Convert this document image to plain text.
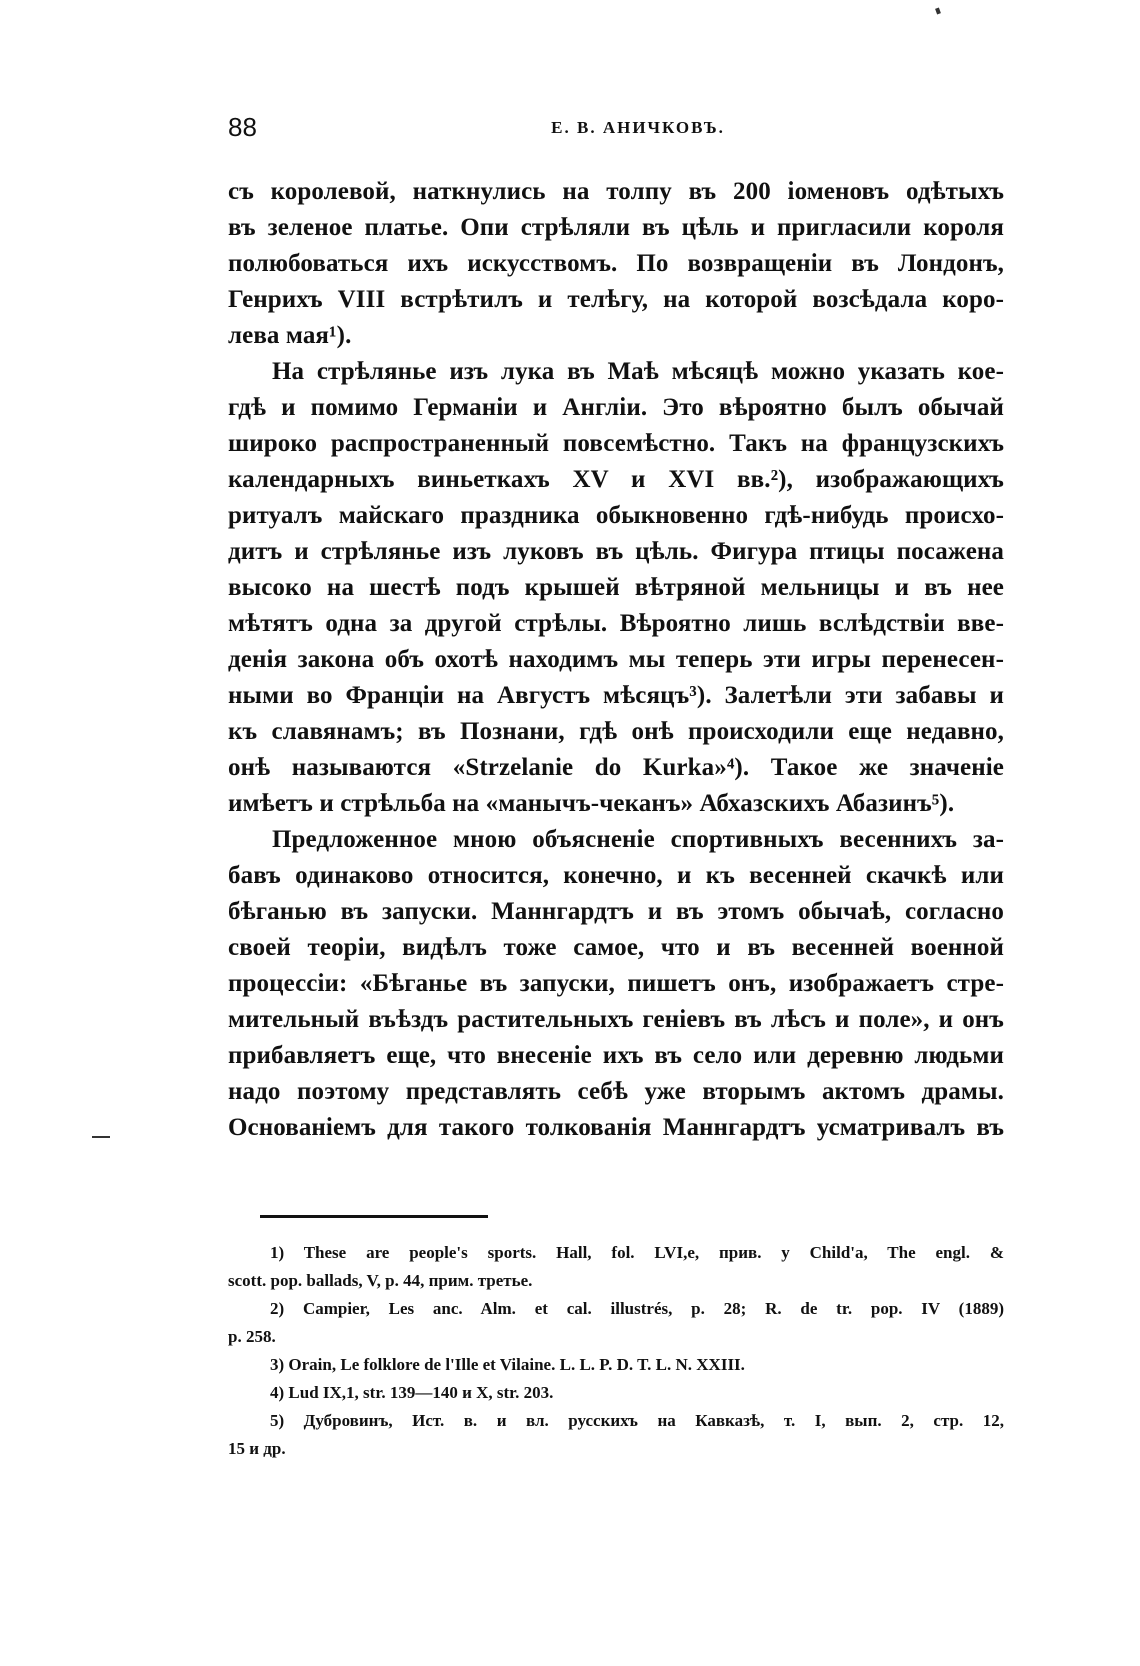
88	Е. В. АНИЧКОВЪ.
съ королевой, наткнулись на толпу въ 200 іоменовъ одѣтыхъ
въ зеленое платье. Опи стрѣляли въ цѣль и пригласили короля
полюбоваться ихъ искусствомъ. По возвращеніи въ Лондонъ,
Генрихъ VIII встрѣтилъ и телѣгу, на которой возсѣдала коро-
лева мая¹).
На стрѣлянье изъ лука въ Маѣ мѣсяцѣ можно указать кое-
гдѣ и помимо Германіи и Англіи. Это вѣроятно былъ обычай
широко распространенный повсемѣстно. Такъ на французскихъ
календарныхъ виньеткахъ XV и XVI вв.²), изображающихъ
ритуалъ майскаго праздника обыкновенно гдѣ-нибудь происхо-
дитъ и стрѣлянье изъ луковъ въ цѣль. Фигура птицы посажена
высоко на шестѣ подъ крышей вѣтряной мельницы и въ нее
мѣтятъ одна за другой стрѣлы. Вѣроятно лишь вслѣдствіи вве-
денія закона объ охотѣ находимъ мы теперь эти игры перенесен-
ными во Франціи на Августъ мѣсяцъ³). Залетѣли эти забавы и
къ славянамъ; въ Познани, гдѣ онѣ происходили еще недавно,
онѣ называются «Strzelanie do Kurka»⁴). Такое же значеніе
имѣетъ и стрѣльба на «манычъ-чеканъ» Абхазскихъ Абазинъ⁵).
Предложенное мною объясненіе спортивныхъ весеннихъ за-
бавъ одинаково относится, конечно, и къ весенней скачкѣ или
бѣганью въ запуски. Маннгардтъ и въ этомъ обычаѣ, согласно
своей теоріи, видѣлъ тоже самое, что и въ весенней военной
процессіи: «Бѣганье въ запуски, пишетъ онъ, изображаетъ стре-
мительный въѣздъ растительныхъ геніевъ въ лѣсъ и поле», и онъ
прибавляетъ еще, что внесеніе ихъ въ село или деревню людьми
надо поэтому представлять себѣ уже вторымъ актомъ драмы.
Основаніемъ для такого толкованія Маннгардтъ усматривалъ въ
1) These are people's sports. Hall, fol. LVI,e, прив. у Child'a, The engl. &
scott. pop. ballads, V, p. 44, прим. третье.
2) Campier, Les anc. Alm. et cal. illustrés, p. 28; R. de tr. pop. IV (1889)
p. 258.
3) Orain, Le folklore de l'Ille et Vilaine. L. L. P. D. T. L. N. XXIII.
4) Lud IX,1, str. 139—140 и X, str. 203.
5) Дубровинъ, Ист. в. и вл. русскихъ на Кавказѣ, т. I, вып. 2, стр. 12,
15 и др.
